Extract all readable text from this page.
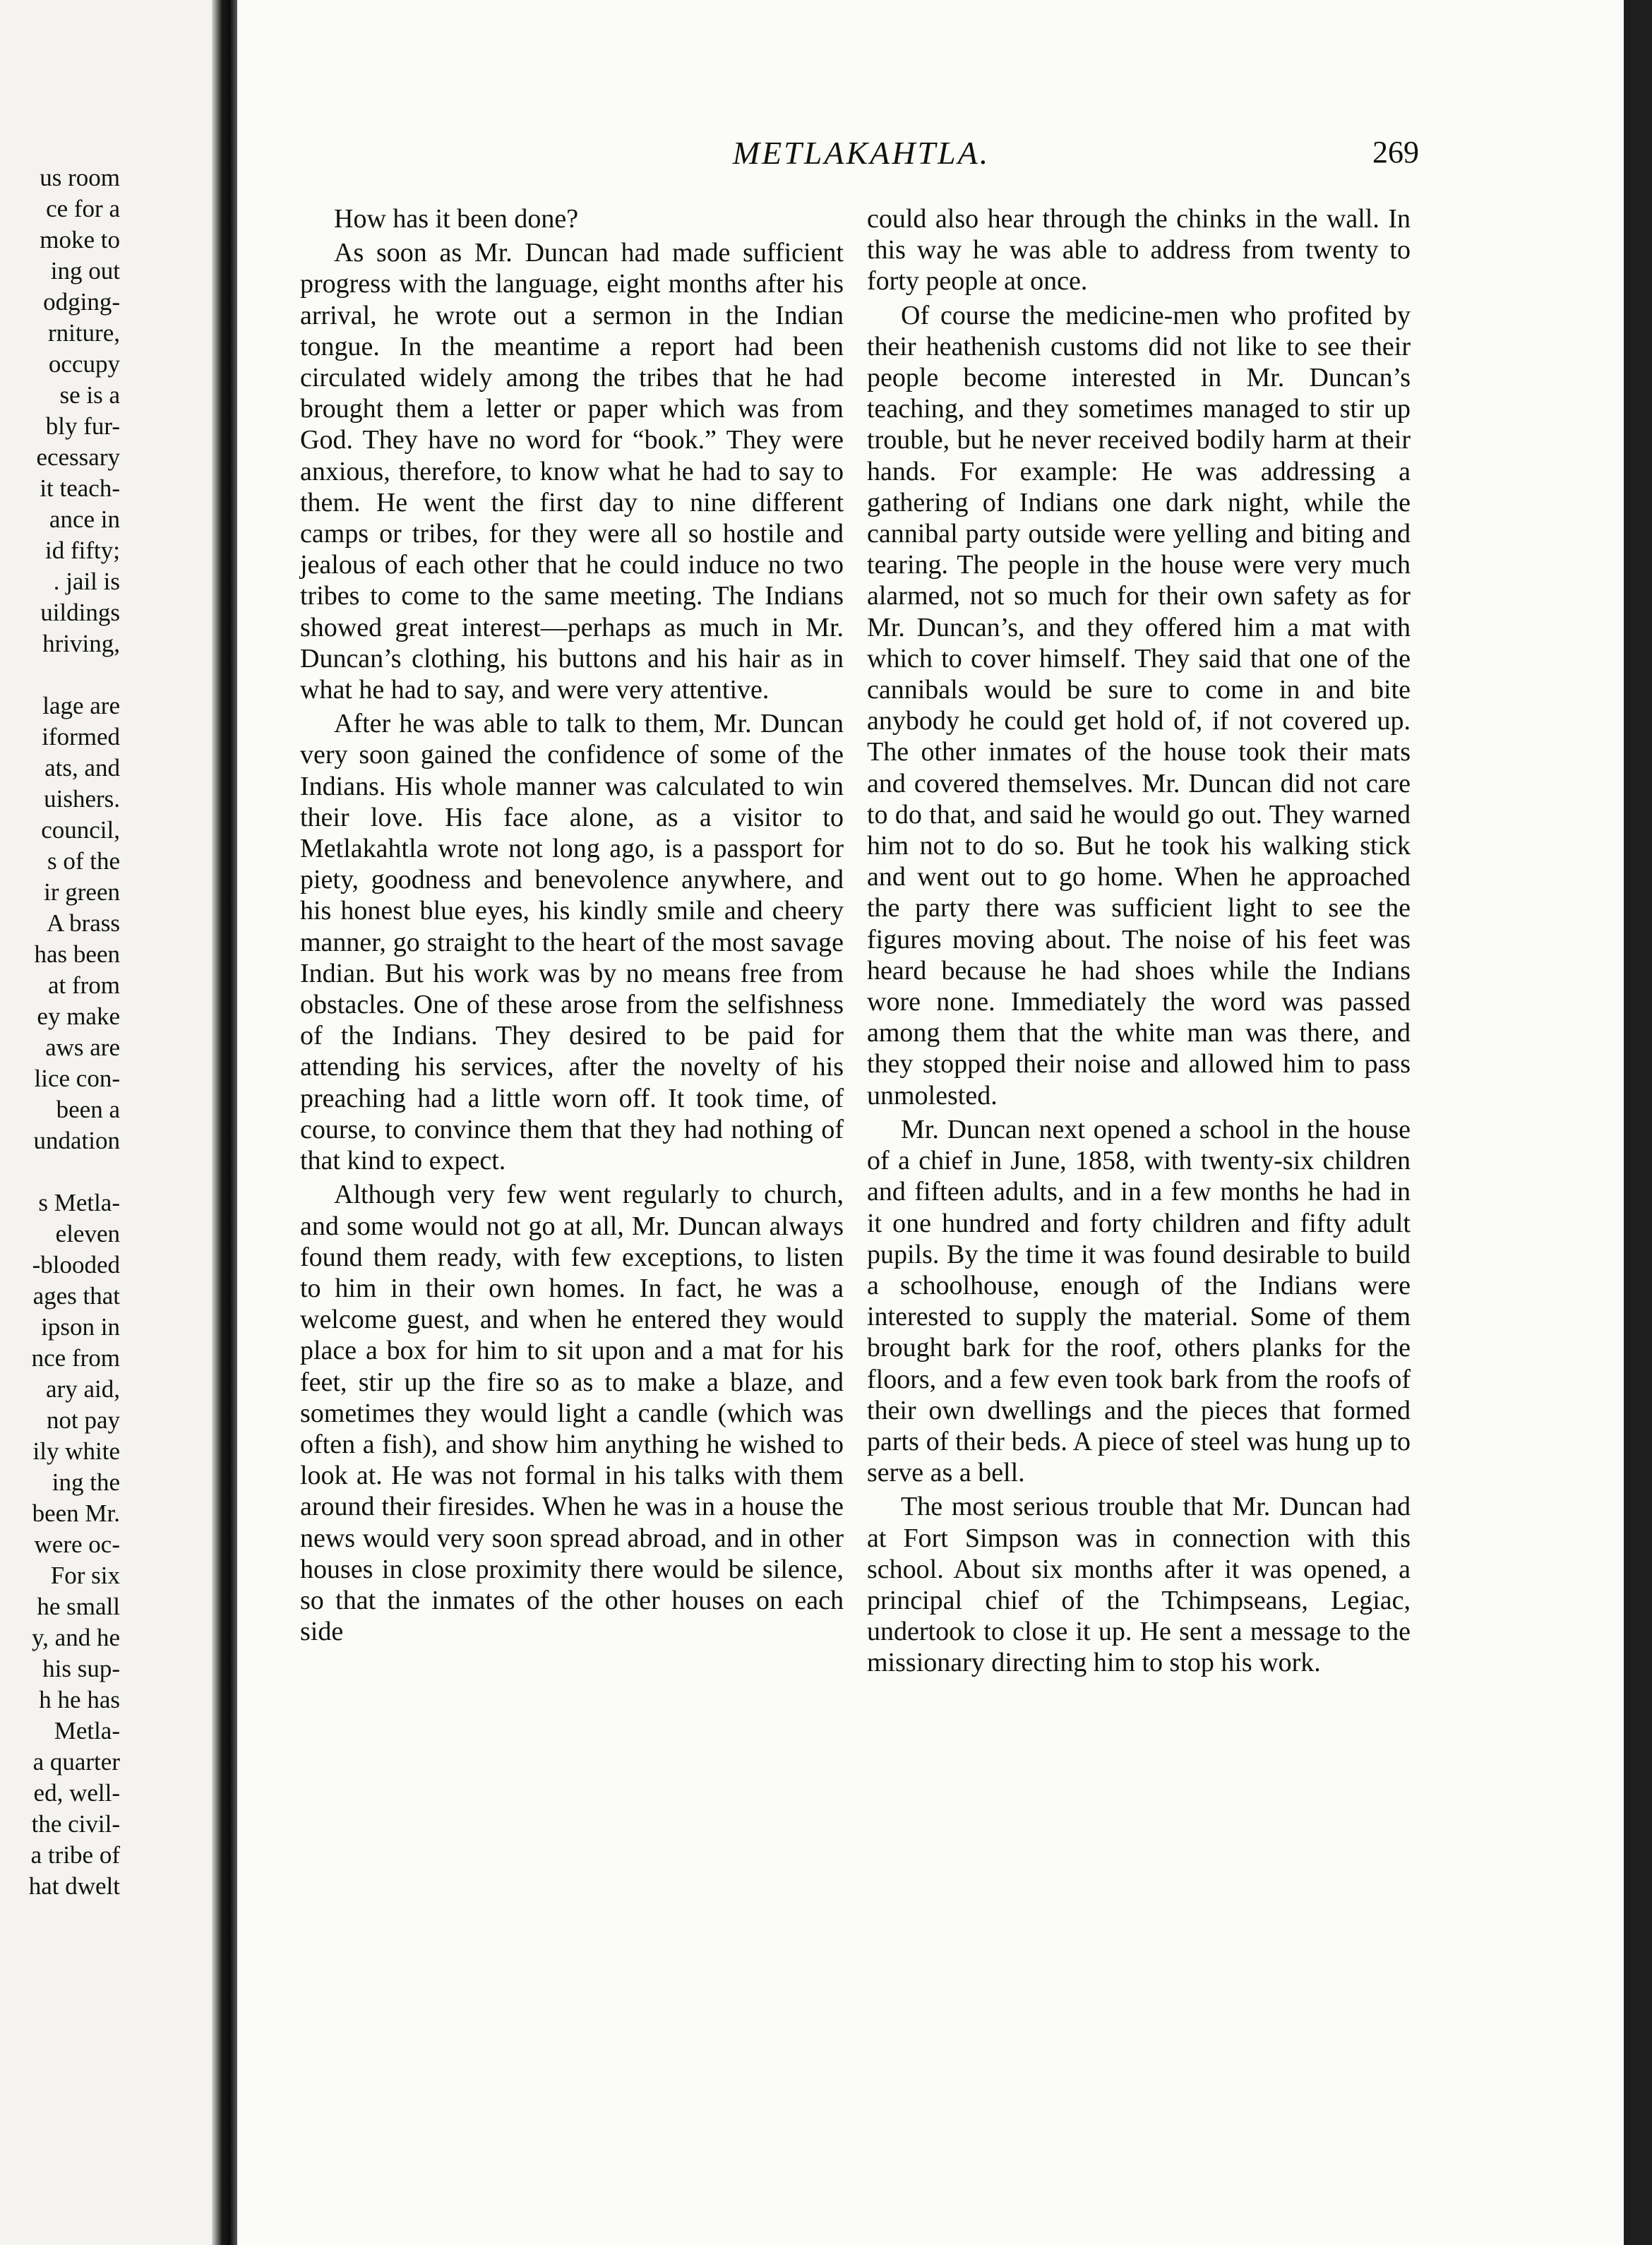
us room
ce for a
moke to
ing out
odging-
rniture,
occupy
se is a
bly fur-
ecessary
it teach-
ance in
id fifty;
. jail is
uildings
hriving,
lage are
iformed
ats, and
uishers.
council,
s of the
ir green
A brass
has been
at from
ey make
aws are
lice con-
been a
undation
s Metla-
eleven
-blooded
ages that
ipson in
nce from
ary aid,
not pay
ily white
ing the
been Mr.
were oc-
For six
he small
y, and he
his sup-
h he has
Metla-
a quarter
ed, well-
the civil-
a tribe of
hat dwelt
METLAKAHTLA.	269

How has it been done?

As soon as Mr. Duncan had made sufficient progress with the language, eight months after his arrival, he wrote out a sermon in the Indian tongue. In the meantime a report had been circulated widely among the tribes that he had brought them a letter or paper which was from God. They have no word for “book.” They were anxious, therefore, to know what he had to say to them. He went the first day to nine different camps or tribes, for they were all so hostile and jealous of each other that he could induce no two tribes to come to the same meeting. The Indians showed great interest—perhaps as much in Mr. Duncan’s clothing, his buttons and his hair as in what he had to say, and were very attentive.

After he was able to talk to them, Mr. Duncan very soon gained the confidence of some of the Indians. His whole manner was calculated to win their love. His face alone, as a visitor to Metlakahtla wrote not long ago, is a passport for piety, goodness and benevolence anywhere, and his honest blue eyes, his kindly smile and cheery manner, go straight to the heart of the most savage Indian. But his work was by no means free from obstacles. One of these arose from the selfishness of the Indians. They desired to be paid for attending his services, after the novelty of his preaching had a little worn off. It took time, of course, to convince them that they had nothing of that kind to expect.

Although very few went regularly to church, and some would not go at all, Mr. Duncan always found them ready, with few exceptions, to listen to him in their own homes. In fact, he was a welcome guest, and when he entered they would place a box for him to sit upon and a mat for his feet, stir up the fire so as to make a blaze, and sometimes they would light a candle (which was often a fish), and show him anything he wished to look at. He was not formal in his talks with them around their firesides. When he was in a house the news would very soon spread abroad, and in other houses in close proximity there would be silence, so that the inmates of the other houses on each side

could also hear through the chinks in the wall. In this way he was able to address from twenty to forty people at once.

Of course the medicine-men who profited by their heathenish customs did not like to see their people become interested in Mr. Duncan’s teaching, and they sometimes managed to stir up trouble, but he never received bodily harm at their hands. For example: He was addressing a gathering of Indians one dark night, while the cannibal party outside were yelling and biting and tearing. The people in the house were very much alarmed, not so much for their own safety as for Mr. Duncan’s, and they offered him a mat with which to cover himself. They said that one of the cannibals would be sure to come in and bite anybody he could get hold of, if not covered up. The other inmates of the house took their mats and covered themselves. Mr. Duncan did not care to do that, and said he would go out. They warned him not to do so. But he took his walking stick and went out to go home. When he approached the party there was sufficient light to see the figures moving about. The noise of his feet was heard because he had shoes while the Indians wore none. Immediately the word was passed among them that the white man was there, and they stopped their noise and allowed him to pass unmolested.

Mr. Duncan next opened a school in the house of a chief in June, 1858, with twenty-six children and fifteen adults, and in a few months he had in it one hundred and forty children and fifty adult pupils. By the time it was found desirable to build a schoolhouse, enough of the Indians were interested to supply the material. Some of them brought bark for the roof, others planks for the floors, and a few even took bark from the roofs of their own dwellings and the pieces that formed parts of their beds. A piece of steel was hung up to serve as a bell.

The most serious trouble that Mr. Duncan had at Fort Simpson was in connection with this school. About six months after it was opened, a principal chief of the Tchimpseans, Legiac, undertook to close it up. He sent a message to the missionary directing him to stop his work.
